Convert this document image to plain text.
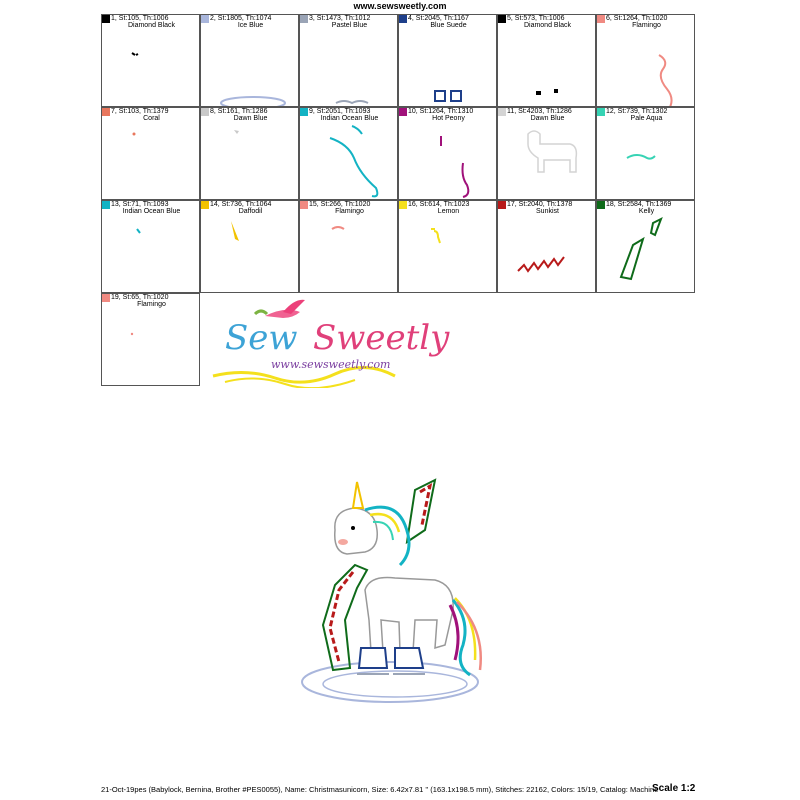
www.sewsweetly.com
1, St:105, Th:1006
Diamond Black
2, St:1805, Th:1074
Ice Blue
3, St:1473, Th:1012
Pastel Blue
4, St:2045, Th:1167
Blue Suede
5, St:573, Th:1006
Diamond Black
6, St:1264, Th:1020
Flamingo
7, St:103, Th:1379
Coral
8, St:161, Th:1286
Dawn Blue
9, St:2051, Th:1093
Indian Ocean Blue
10, St:1264, Th:1310
Hot Peony
11, St:4203, Th:1286
Dawn Blue
12, St:739, Th:1302
Pale Aqua
13, St:71, Th:1093
Indian Ocean Blue
14, St:736, Th:1064
Daffodil
15, St:266, Th:1020
Flamingo
16, St:614, Th:1023
Lemon
17, St:2040, Th:1378
Sunkist
18, St:2584, Th:1369
Kelly
19, St:65, Th:1020
Flamingo
Sew Sweetly
www.sewsweetly.com
21-Oct-19pes (Babylock, Bernina, Brother #PES0055), Name: Christmasunicorn, Size: 6.42x7.81 '' (163.1x198.5 mm), Stitches: 22162, Colors: 15/19, Catalog: Machine
Scale 1:2
